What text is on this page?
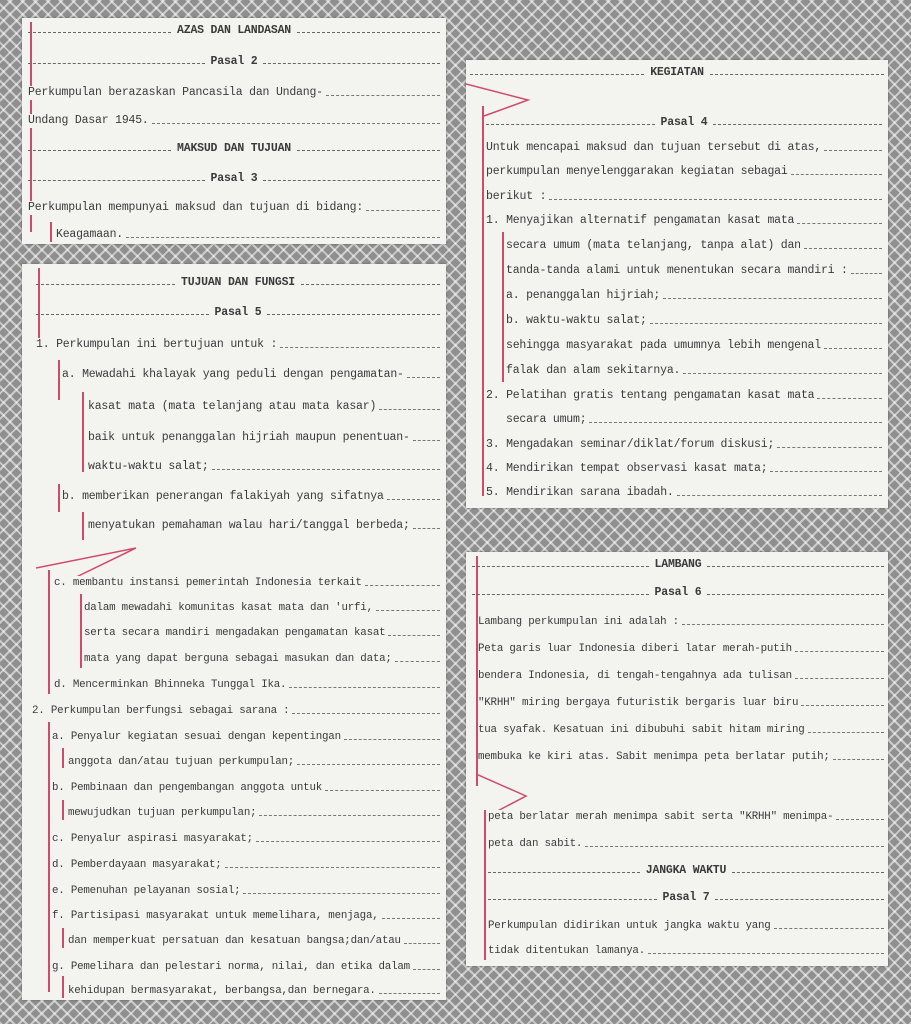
AZAS DAN LANDASAN
Pasal 2
Perkumpulan berazaskan Pancasila dan Undang-
Undang Dasar 1945.
MAKSUD DAN TUJUAN
Pasal 3
Perkumpulan mempunyai maksud dan tujuan di bidang:
Keagamaan.
KEGIATAN
Pasal 4
Untuk mencapai maksud dan tujuan tersebut di atas,
perkumpulan menyelenggarakan kegiatan sebagai
berikut :
1. Menyajikan alternatif pengamatan kasat mata
secara umum (mata telanjang, tanpa alat) dan
tanda-tanda alami untuk menentukan secara mandiri :
a. penanggalan hijriah;
b. waktu-waktu salat;
sehingga masyarakat pada umumnya lebih mengenal
falak dan alam sekitarnya.
2. Pelatihan gratis tentang pengamatan kasat mata
secara umum;
3. Mengadakan seminar/diklat/forum diskusi;
4. Mendirikan tempat observasi kasat mata;
5. Mendirikan sarana ibadah.
TUJUAN DAN FUNGSI
Pasal 5
1. Perkumpulan ini bertujuan untuk :
a. Mewadahi khalayak yang peduli dengan pengamatan-
kasat mata (mata telanjang atau mata kasar)
baik untuk penanggalan hijriah maupun penentuan-
waktu-waktu salat;
b. memberikan penerangan falakiyah yang sifatnya
menyatukan pemahaman walau hari/tanggal berbeda;
c. membantu instansi pemerintah Indonesia terkait
dalam mewadahi komunitas kasat mata dan 'urfi,
serta secara mandiri mengadakan pengamatan kasat
mata yang dapat berguna sebagai masukan dan data;
d. Mencerminkan Bhinneka Tunggal Ika.
2. Perkumpulan berfungsi sebagai sarana :
a. Penyalur kegiatan sesuai dengan kepentingan
anggota dan/atau tujuan perkumpulan;
b. Pembinaan dan pengembangan anggota untuk
mewujudkan tujuan perkumpulan;
c. Penyalur aspirasi masyarakat;
d. Pemberdayaan masyarakat;
e. Pemenuhan pelayanan sosial;
f. Partisipasi masyarakat untuk memelihara, menjaga,
dan memperkuat persatuan dan kesatuan bangsa;dan/atau
g. Pemelihara dan pelestari norma, nilai, dan etika dalam
kehidupan bermasyarakat, berbangsa,dan bernegara.
LAMBANG
Pasal 6
Lambang perkumpulan ini adalah :
Peta garis luar Indonesia diberi latar merah-putih
bendera Indonesia, di tengah-tengahnya ada tulisan
"KRHH" miring bergaya futuristik bergaris luar biru
tua syafak. Kesatuan ini dibubuhi sabit hitam miring
membuka ke kiri atas. Sabit menimpa peta berlatar putih;
peta berlatar merah menimpa sabit serta "KRHH" menimpa-
peta dan sabit.
JANGKA WAKTU
Pasal 7
Perkumpulan didirikan untuk jangka waktu yang
tidak ditentukan lamanya.
